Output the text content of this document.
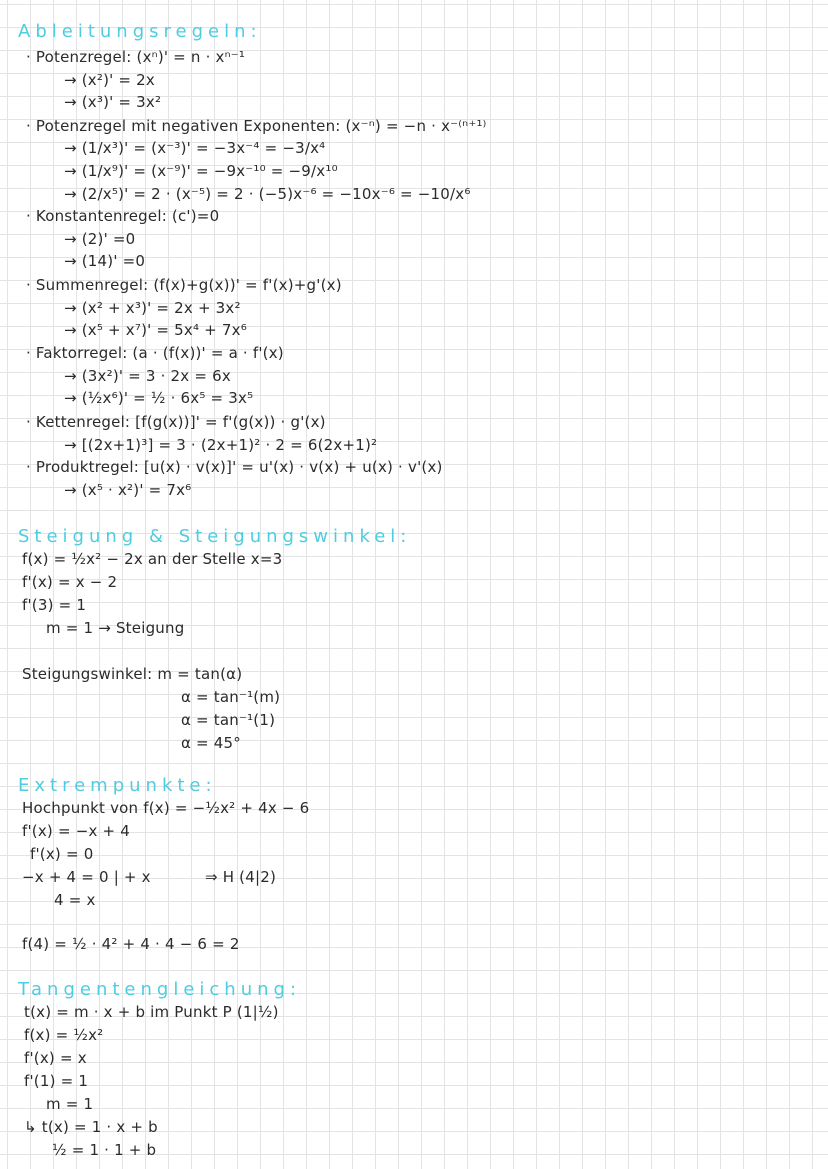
Ableitungsregeln:
· Potenzregel: (xⁿ)' = n · xⁿ⁻¹
→ (x²)' = 2x
→ (x³)' = 3x²
· Potenzregel mit negativen Exponenten: (x⁻ⁿ) = −n · x⁻⁽ⁿ⁺¹⁾
→ (1/x³)' = (x⁻³)' = −3x⁻⁴ = −3/x⁴
→ (1/x⁹)' = (x⁻⁹)' = −9x⁻¹⁰ = −9/x¹⁰
→ (2/x⁵)' = 2 · (x⁻⁵) = 2 · (−5)x⁻⁶ = −10x⁻⁶ = −10/x⁶
· Konstantenregel: (c')=0
→ (2)' =0
→ (14)' =0
· Summenregel: (f(x)+g(x))' = f'(x)+g'(x)
→ (x² + x³)' = 2x + 3x²
→ (x⁵ + x⁷)' = 5x⁴ + 7x⁶
· Faktorregel: (a · (f(x))' = a · f'(x)
→ (3x²)' = 3 · 2x = 6x
→ (½x⁶)' = ½ · 6x⁵ = 3x⁵
· Kettenregel: [f(g(x))]' = f'(g(x)) · g'(x)
→ [(2x+1)³] = 3 · (2x+1)² · 2 = 6(2x+1)²
· Produktregel: [u(x) · v(x)]' = u'(x) · v(x) + u(x) · v'(x)
→ (x⁵ · x²)' = 7x⁶
Steigung & Steigungswinkel:
f(x) = ½x² − 2x an der Stelle x=3
f'(x) = x − 2
f'(3) = 1
m = 1 → Steigung
Steigungswinkel: m = tan(α)
α = tan⁻¹(m)
α = tan⁻¹(1)
α = 45°
Extrempunkte:
Hochpunkt von f(x) = −½x² + 4x − 6
f'(x) = −x + 4
f'(x) = 0
−x + 4 = 0 | + x	⇒ H (4|2)
4 = x
f(4) = ½ · 4² + 4 · 4 − 6 = 2
Tangentengleichung:
t(x) = m · x + b im Punkt P (1|½)
f(x) = ½x²
f'(x) = x
f'(1) = 1
m = 1
↳ t(x) = 1 · x + b
½ = 1 · 1 + b
